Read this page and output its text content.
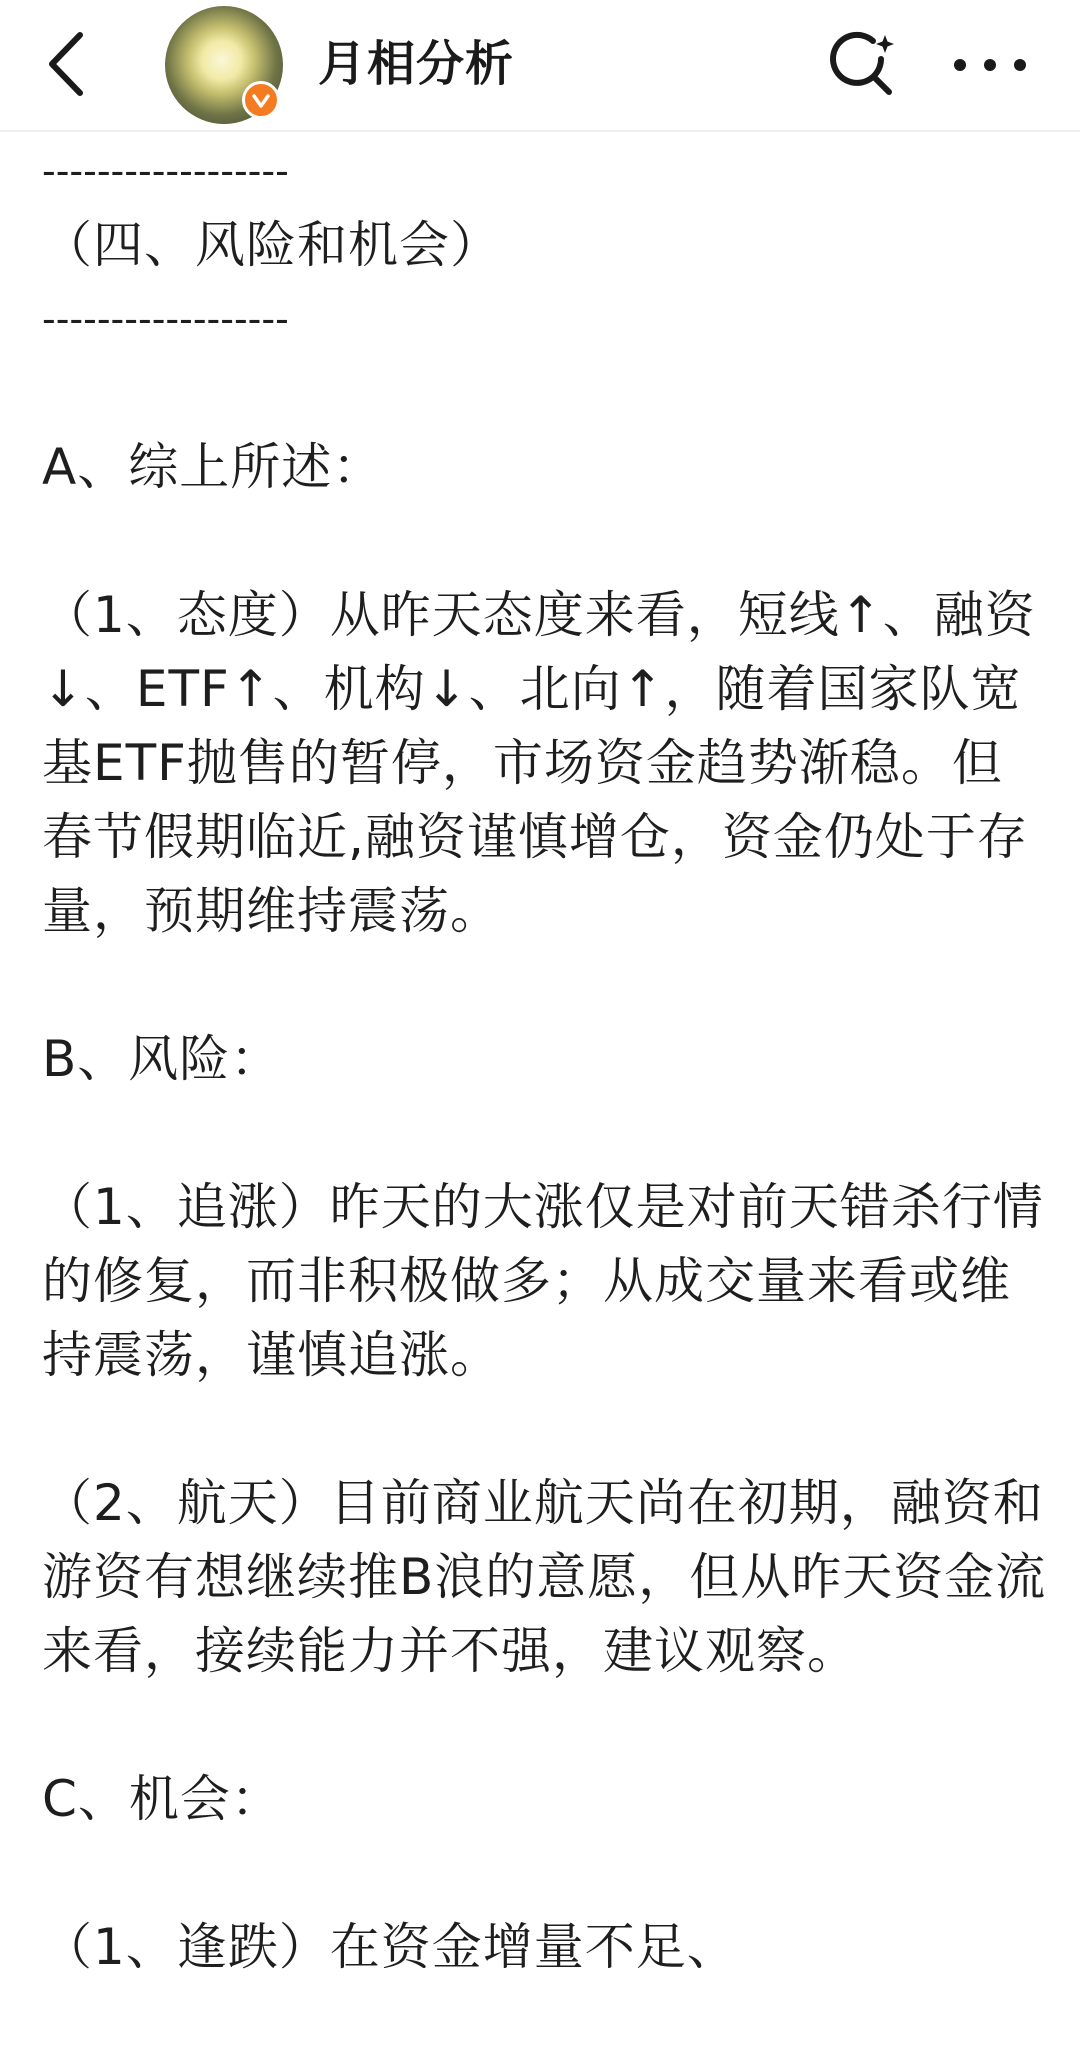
月相分析

------------------

（四、风险和机会）

------------------

A、综上所述：

（1、态度）从昨天态度来看，短线↑、融资↓、ETF↑、机构↓、北向↑，随着国家队宽基ETF抛售的暂停，市场资金趋势渐稳。但春节假期临近,融资谨慎增仓，资金仍处于存量，预期维持震荡。

B、风险：

（1、追涨）昨天的大涨仅是对前天错杀行情的修复，而非积极做多；从成交量来看或维持震荡，谨慎追涨。

（2、航天）目前商业航天尚在初期，融资和游资有想继续推B浪的意愿，但从昨天资金流来看，接续能力并不强，建议观察。

C、机会：

（1、逢跌）在资金增量不足、
